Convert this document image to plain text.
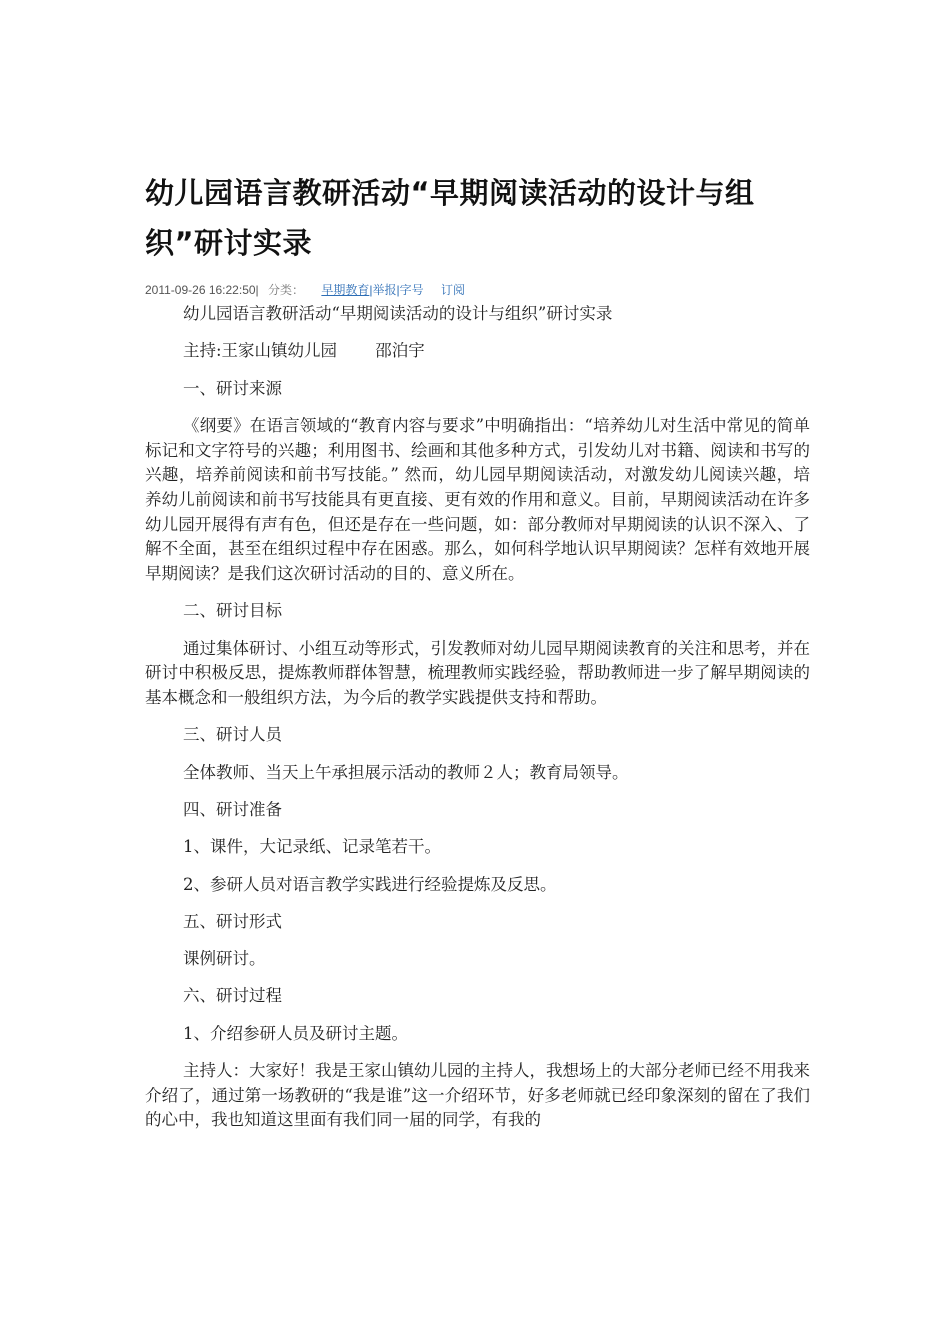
幼儿园语言教研活动“早期阅读活动的设计与组织”研讨实录
2011-09-26 16:22:50| 分类： 早期教育|举报|字号 订阅

幼儿园语言教研活动“早期阅读活动的设计与组织”研讨实录

主持:王家山镇幼儿园　　 邵泊宇

一、研讨来源

《纲要》在语言领域的“教育内容与要求”中明确指出：“培养幼儿对生活中常见的简单标记和文字符号的兴趣；利用图书、绘画和其他多种方式，引发幼儿对书籍、阅读和书写的兴趣，培养前阅读和前书写技能。” 然而，幼儿园早期阅读活动，对激发幼儿阅读兴趣，培养幼儿前阅读和前书写技能具有更直接、更有效的作用和意义。目前，早期阅读活动在许多幼儿园开展得有声有色，但还是存在一些问题，如：部分教师对早期阅读的认识不深入、了解不全面，甚至在组织过程中存在困惑。那么，如何科学地认识早期阅读？怎样有效地开展早期阅读？是我们这次研讨活动的目的、意义所在。

二、研讨目标

通过集体研讨、小组互动等形式，引发教师对幼儿园早期阅读教育的关注和思考，并在研讨中积极反思，提炼教师群体智慧，梳理教师实践经验，帮助教师进一步了解早期阅读的基本概念和一般组织方法，为今后的教学实践提供支持和帮助。

三、研讨人员

全体教师、当天上午承担展示活动的教师２人；教育局领导。

四、研讨准备

1、课件，大记录纸、记录笔若干。

2、参研人员对语言教学实践进行经验提炼及反思。

五、研讨形式

课例研讨。

六、研讨过程

1、介绍参研人员及研讨主题。

主持人：大家好！我是王家山镇幼儿园的主持人，我想场上的大部分老师已经不用我来介绍了，通过第一场教研的“我是谁”这一介绍环节，好多老师就已经印象深刻的留在了我们的心中，我也知道这里面有我们同一届的同学，有我的
